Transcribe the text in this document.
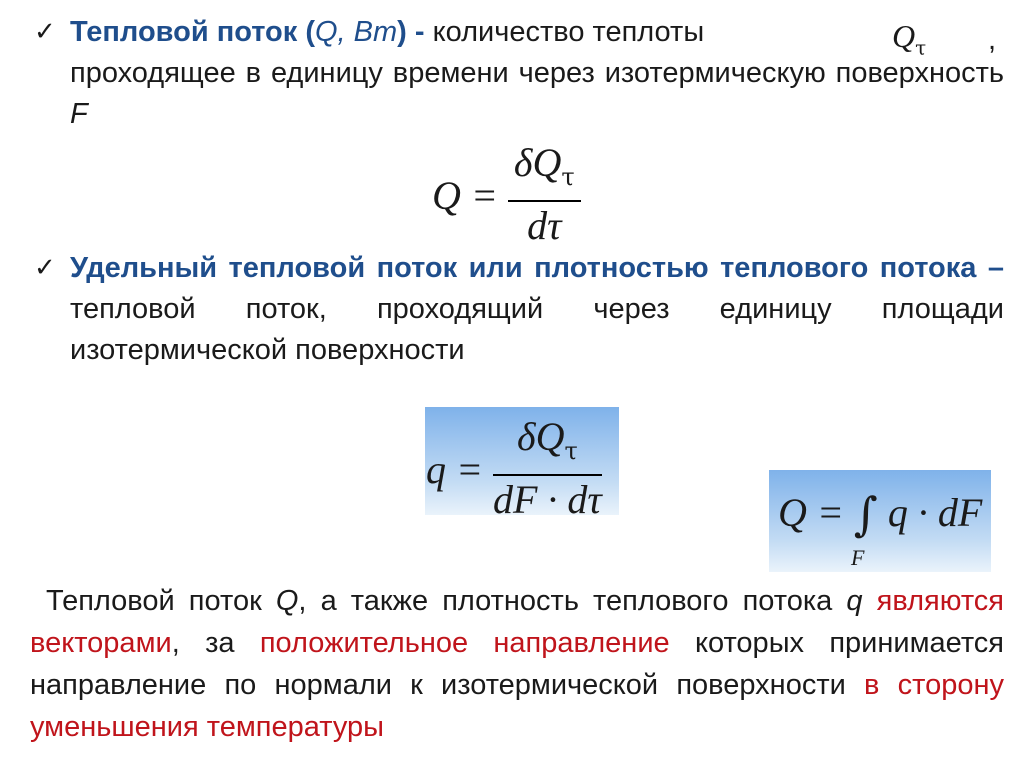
✓ Тепловой поток (Q, Вт) - количество теплоты
проходящее в единицу времени через изотермическую поверхность F
$Q_\tau$ ,
$Q = \frac{\delta Q_\tau}{d\tau}$
✓ Удельный тепловой поток или плотностью теплового потока – тепловой поток, проходящий через единицу площади изотермической поверхности
$q = \frac{\delta Q_\tau}{dF \cdot d\tau}$	Q = ∫ q · dF
F
Тепловой поток Q, а также плотность теплового потока q являются векторами, за положительное направление которых принимается направление по нормали к изотермической поверхности в сторону уменьшения температуры
